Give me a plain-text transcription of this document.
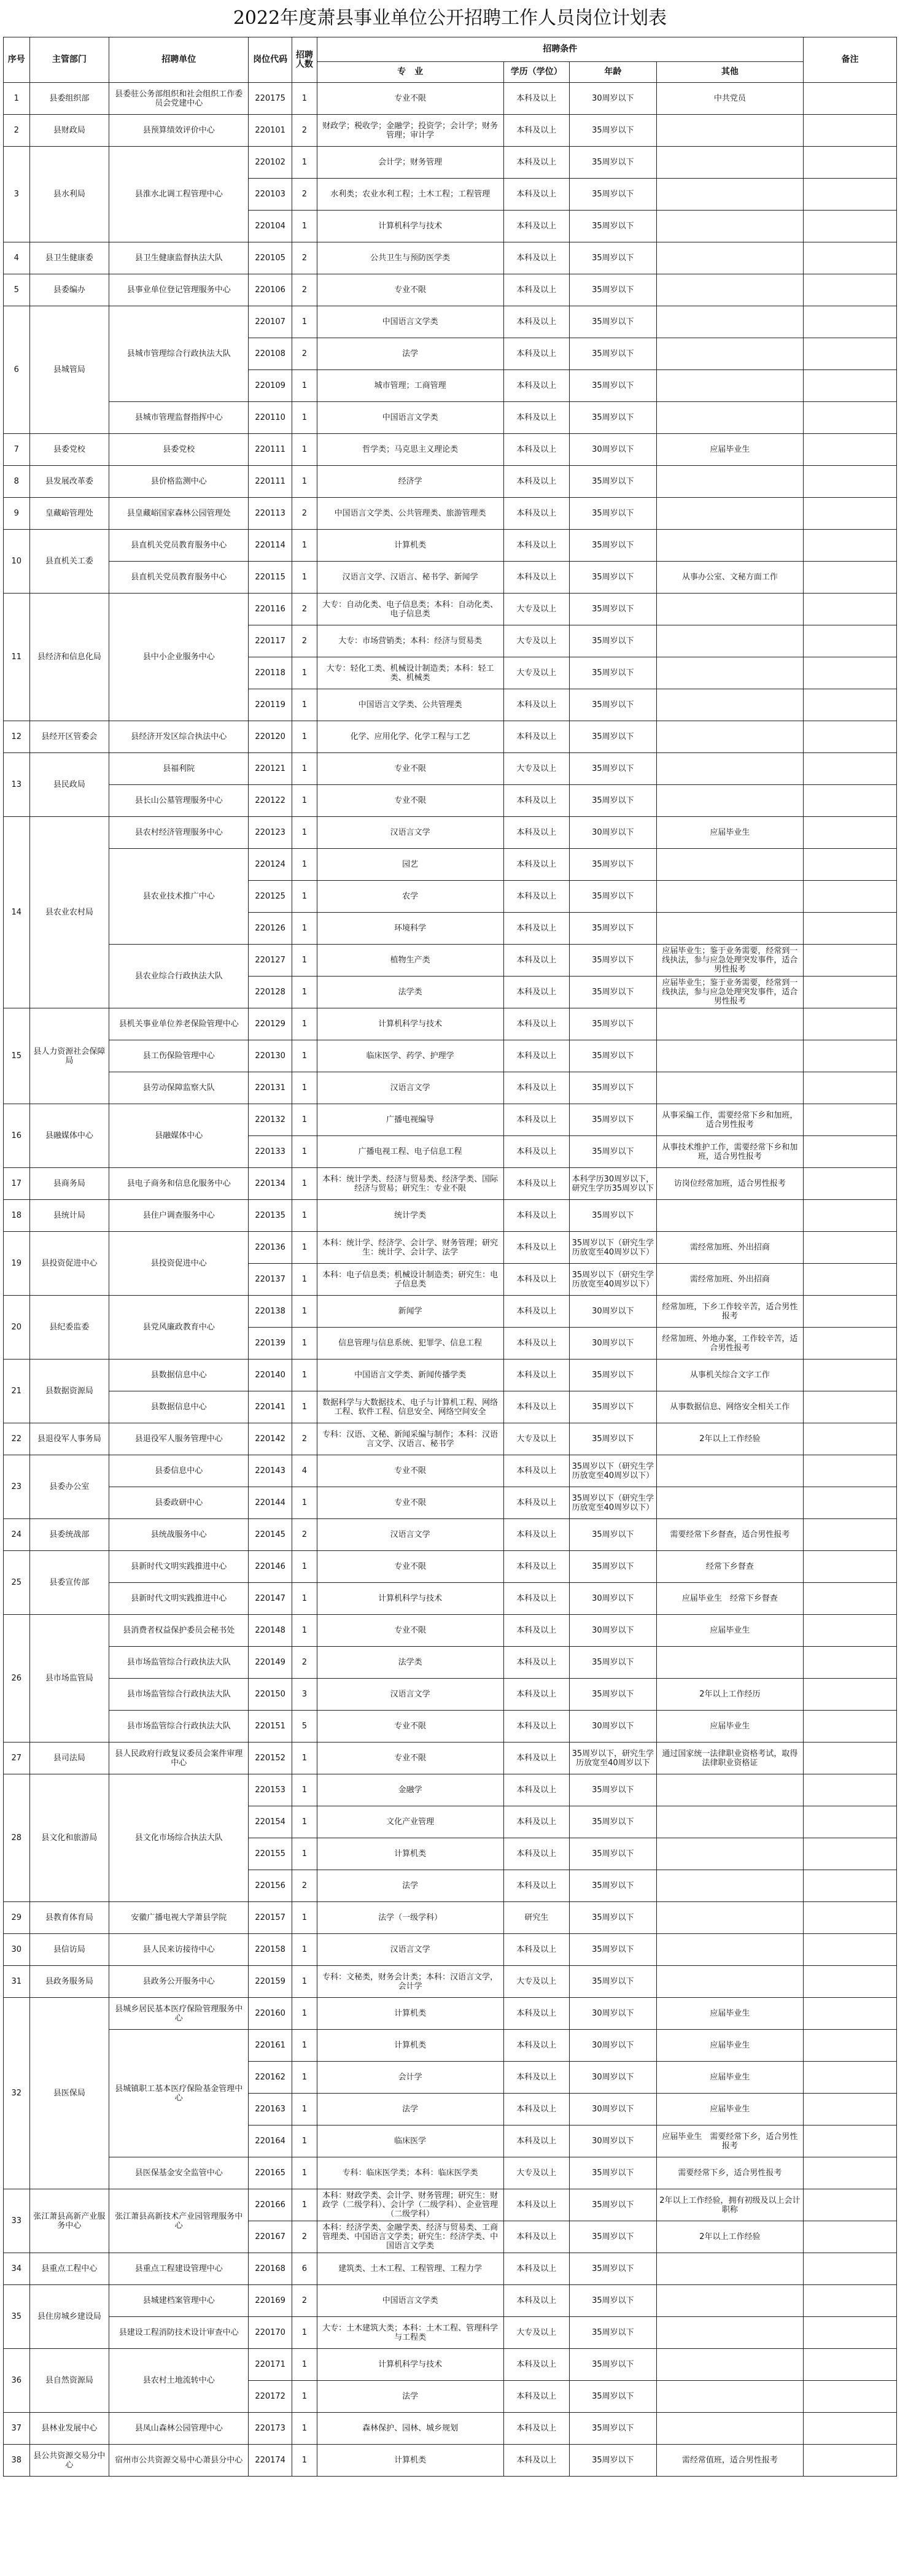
2022年度萧县事业单位公开招聘工作人员岗位计划表
序号	主管部门	招聘单位	岗位代码	招聘人数	招聘条件				备注
					专　业	学历（学位）	年龄	其他	
1	县委组织部	县委驻公务部组织和社会组织工作委员会党建中心	220175	1	专业不限	本科及以上	30周岁以下	中共党员	
2	县财政局	县预算绩效评价中心	220101	2	财政学；税收学；金融学；投资学；会计学；财务管理；审计学	本科及以上	35周岁以下		
3	县水利局	县淮水北调工程管理中心	220102	1	会计学；财务管理	本科及以上	35周岁以下		
			220103	2	水利类；农业水利工程；土木工程；工程管理	本科及以上	35周岁以下		
			220104	1	计算机科学与技术	本科及以上	35周岁以下		
4	县卫生健康委	县卫生健康监督执法大队	220105	2	公共卫生与预防医学类	本科及以上	35周岁以下		
5	县委编办	县事业单位登记管理服务中心	220106	2	专业不限	本科及以上	35周岁以下		
6	县城管局	县城市管理综合行政执法大队	220107	1	中国语言文学类	本科及以上	35周岁以下		
			220108	2	法学	本科及以上	35周岁以下		
			220109	1	城市管理；工商管理	本科及以上	35周岁以下		
		县城市管理监督指挥中心	220110	1	中国语言文学类	本科及以上	35周岁以下		
7	县委党校	县委党校	220111	1	哲学类；马克思主义理论类	本科及以上	30周岁以下	应届毕业生	
8	县发展改革委	县价格监测中心	220111	1	经济学	本科及以上	35周岁以下		
9	皇藏峪管理处	县皇藏峪国家森林公园管理处	220113	2	中国语言文学类、公共管理类、旅游管理类	本科及以上	35周岁以下		
10	县直机关工委	县直机关党员教育服务中心	220114	1	计算机类	本科及以上	35周岁以下		
		县直机关党员教育服务中心	220115	1	汉语言文学、汉语言、秘书学、新闻学	本科及以上	35周岁以下	从事办公室、文秘方面工作	
11	县经济和信息化局	县中小企业服务中心	220116	2	大专：自动化类、电子信息类；本科：自动化类、电子信息类	大专及以上	35周岁以下		
			220117	2	大专：市场营销类；本科：经济与贸易类	大专及以上	35周岁以下		
			220118	1	大专：轻化工类、机械设计制造类；本科：轻工类、机械类	大专及以上	35周岁以下		
			220119	1	中国语言文学类、公共管理类	本科及以上	35周岁以下		
12	县经开区管委会	县经济开发区综合执法中心	220120	1	化学、应用化学、化学工程与工艺	本科及以上	35周岁以下		
13	县民政局	县福利院	220121	1	专业不限	大专及以上	35周岁以下		
		县长山公墓管理服务中心	220122	1	专业不限	本科及以上	35周岁以下		
14	县农业农村局	县农村经济管理服务中心	220123	1	汉语言文学	本科及以上	30周岁以下	应届毕业生	
		县农业技术推广中心	220124	1	园艺	本科及以上	35周岁以下		
			220125	1	农学	本科及以上	35周岁以下		
			220126	1	环境科学	本科及以上	35周岁以下		
		县农业综合行政执法大队	220127	1	植物生产类	本科及以上	35周岁以下	应届毕业生；鉴于业务需要，经常到一线执法，参与应急处理突发事件，适合男性报考	
			220128	1	法学类	本科及以上	35周岁以下	应届毕业生；鉴于业务需要，经常到一线执法，参与应急处理突发事件，适合男性报考	
15	县人力资源社会保障局	县机关事业单位养老保险管理中心	220129	1	计算机科学与技术	本科及以上	35周岁以下		
		县工伤保险管理中心	220130	1	临床医学、药学、护理学	本科及以上	35周岁以下		
		县劳动保障监察大队	220131	1	汉语言文学	本科及以上	35周岁以下		
16	县融媒体中心	县融媒体中心	220132	1	广播电视编导	本科及以上	35周岁以下	从事采编工作，需要经常下乡和加班，适合男性报考	
			220133	1	广播电视工程、电子信息工程	本科及以上	35周岁以下	从事技术维护工作，需要经常下乡和加班，适合男性报考	
17	县商务局	县电子商务和信息化服务中心	220134	1	本科：统计学类、经济与贸易类、经济学类、国际经济与贸易；研究生：专业不限	本科及以上	本科学历30周岁以下，研究生学历35周岁以下	访岗位经常加班，适合男性报考	
18	县统计局	县住户调查服务中心	220135	1	统计学类	本科及以上	35周岁以下		
19	县投资促进中心	县投资促进中心	220136	1	本科：统计学、经济学、会计学、财务管理；研究生：统计学、会计学、法学	本科及以上	35周岁以下（研究生学历放宽至40周岁以下）	需经常加班、外出招商	
			220137	1	本科：电子信息类；机械设计制造类；研究生：电子信息类	本科及以上	35周岁以下（研究生学历放宽至40周岁以下）	需经常加班、外出招商	
20	县纪委监委	县党风廉政教育中心	220138	1	新闻学	本科及以上	30周岁以下	经常加班，下乡工作较辛苦，适合男性报考	
			220139	1	信息管理与信息系统、犯罪学、信息工程	本科及以上	30周岁以下	经常加班、外地办案，工作较辛苦，适合男性报考	
21	县数据资源局	县数据信息中心	220140	1	中国语言文学类、新闻传播学类	本科及以上	35周岁以下	从事机关综合文字工作	
		县数据信息中心	220141	1	数据科学与大数据技术、电子与计算机工程、网络工程、软件工程、信息安全、网络空间安全	本科及以上	35周岁以下	从事数据信息、网络安全相关工作	
22	县退役军人事务局	县退役军人服务管理中心	220142	2	专科：汉语、文秘、新闻采编与制作；本科：汉语言文学、汉语言、秘书学	大专及以上	35周岁以下	2年以上工作经验	
23	县委办公室	县委信息中心	220143	4	专业不限	本科及以上	35周岁以下（研究生学历放宽至40周岁以下）		
		县委政研中心	220144	1	专业不限	本科及以上	35周岁以下（研究生学历放宽至40周岁以下）		
24	县委统战部	县统战服务中心	220145	2	汉语言文学	本科及以上	35周岁以下	需要经常下乡督查，适合男性报考	
25	县委宣传部	县新时代文明实践推进中心	220146	1	专业不限	本科及以上	35周岁以下	经常下乡督查	
		县新时代文明实践推进中心	220147	1	计算机科学与技术	本科及以上	30周岁以下	应届毕业生　经常下乡督查	
26	县市场监管局	县消费者权益保护委员会秘书处	220148	1	专业不限	本科及以上	30周岁以下	应届毕业生	
		县市场监管综合行政执法大队	220149	2	法学类	本科及以上	35周岁以下		
		县市场监管综合行政执法大队	220150	3	汉语言文学	本科及以上	35周岁以下	2年以上工作经历	
		县市场监管综合行政执法大队	220151	5	专业不限	本科及以上	30周岁以下	应届毕业生	
27	县司法局	县人民政府行政复议委员会案件审理中心	220152	1	专业不限	本科及以上	35周岁以下，研究生学历放宽至40周岁以下	通过国家统一法律职业资格考试，取得法律职业资格证	
28	县文化和旅游局	县文化市场综合执法大队	220153	1	金融学	本科及以上	35周岁以下		
			220154	1	文化产业管理	本科及以上	35周岁以下		
			220155	1	计算机类	本科及以上	35周岁以下		
			220156	2	法学	本科及以上	35周岁以下		
29	县教育体育局	安徽广播电视大学萧县学院	220157	1	法学（一级学科）	研究生	35周岁以下		
30	县信访局	县人民来访接待中心	220158	1	汉语言文学	本科及以上	35周岁以下		
31	县政务服务局	县政务公开服务中心	220159	1	专科：文秘类，财务会计类；本科：汉语言文学，会计学	大专及以上	35周岁以下		
32	县医保局	县城乡居民基本医疗保险管理服务中心	220160	1	计算机类	本科及以上	30周岁以下	应届毕业生	
		县城镇职工基本医疗保险基金管理中心	220161	1	计算机类	本科及以上	30周岁以下	应届毕业生	
			220162	1	会计学	本科及以上	30周岁以下	应届毕业生	
			220163	1	法学	本科及以上	30周岁以下	应届毕业生	
			220164	1	临床医学	本科及以上	30周岁以下	应届毕业生　需要经常下乡，适合男性报考	
		县医保基金安全监管中心	220165	1	专科：临床医学类；本科：临床医学类	大专及以上	35周岁以下	需要经常下乡，适合男性报考	
33	张江萧县高新产业服务中心	张江萧县高新技术产业园管理服务中心	220166	1	本科：财政学类、会计学、财务管理；研究生：财政学（二级学科）、会计学（二级学科）、企业管理（二级学科）	本科及以上	35周岁以下	2年以上工作经验，拥有初级及以上会计职称	
			220167	2	本科：经济学类、金融学类、经济与贸易类、工商管理类、中国语言文学类；研究生：经济学类、中国语言文学类	本科及以上	35周岁以下	2年以上工作经验	
34	县重点工程中心	县重点工程建设管理中心	220168	6	建筑类、土木工程、工程管理、工程力学	本科及以上	35周岁以下		
35	县住房城乡建设局	县城建档案管理中心	220169	2	中国语言文学类	本科及以上	35周岁以下		
		县建设工程消防技术设计审查中心	220170	1	大专：土木建筑大类；本科：土木工程、管理科学与工程类	大专及以上	35周岁以下		
36	县自然资源局	县农村土地流转中心	220171	1	计算机科学与技术	本科及以上	35周岁以下		
			220172	1	法学	本科及以上	35周岁以下		
37	县林业发展中心	县凤山森林公园管理中心	220173	1	森林保护、园林、城乡规划	本科及以上	35周岁以下		
38	县公共资源交易分中心	宿州市公共资源交易中心萧县分中心	220174	1	计算机类	本科及以上	35周岁以下	需经常值班，适合男性报考	
